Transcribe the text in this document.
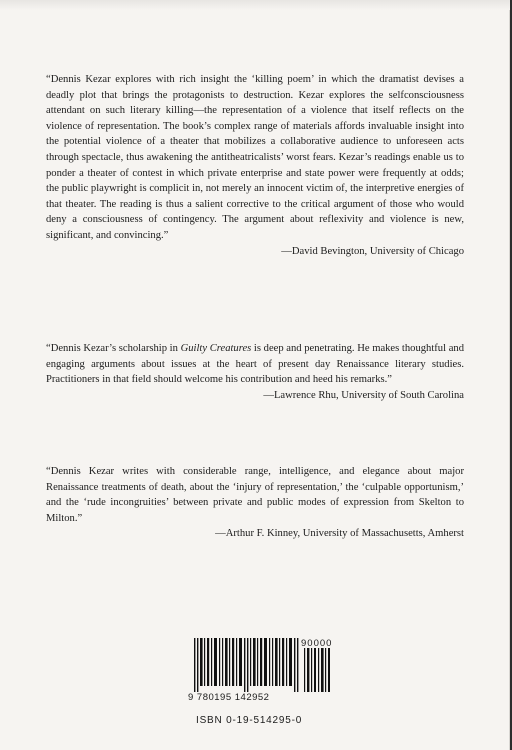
“Dennis Kezar explores with rich insight the ‘killing poem’ in which the dramatist devises a deadly plot that brings the protagonists to destruction. Kezar explores the selfconsciousness attendant on such literary killing—the representation of a violence that itself reflects on the violence of representation. The book’s complex range of materials affords invaluable insight into the potential violence of a theater that mobilizes a collaborative audience to unforeseen acts through spectacle, thus awakening the antitheatricalists’ worst fears. Kezar’s readings enable us to ponder a theater of contest in which private enterprise and state power were frequently at odds; the public playwright is complicit in, not merely an innocent victim of, the interpretive energies of that theater. The reading is thus a salient corrective to the critical argument of those who would deny a consciousness of contingency. The argument about reflexivity and violence is new, significant, and convincing.”

—David Bevington, University of Chicago

“Dennis Kezar’s scholarship in Guilty Creatures is deep and penetrating. He makes thoughtful and engaging arguments about issues at the heart of present day Renaissance literary studies. Practitioners in that field should welcome his contribution and heed his remarks.”

—Lawrence Rhu, University of South Carolina

“Dennis Kezar writes with considerable range, intelligence, and elegance about major Renaissance treatments of death, about the ‘injury of representation,’ the ‘culpable opportunism,’ and the ‘rude incongruities’ between private and public modes of expression from Skelton to Milton.”

—Arthur F. Kinney, University of Massachusetts, Amherst
9 780195 142952
90000
ISBN 0-19-514295-0
